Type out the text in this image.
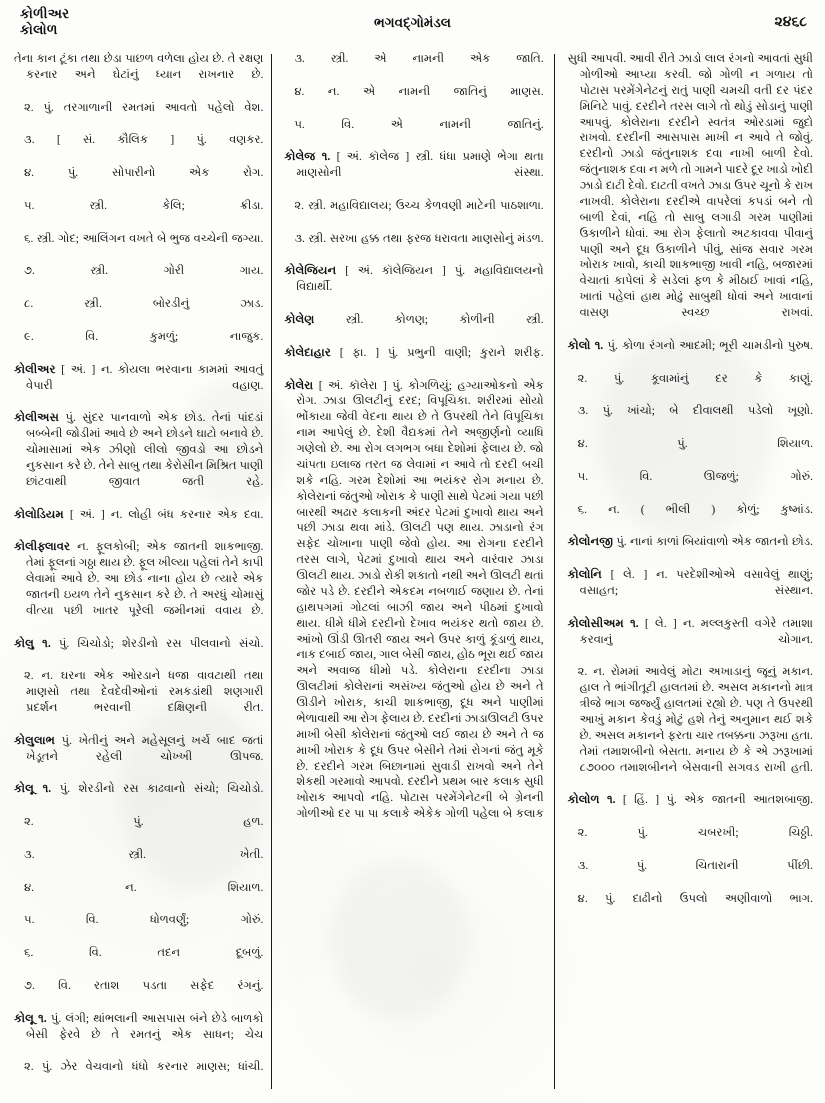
કોળીઅર
કોલોળ	ભગવદ્ગોમંડલ	૨૪૬૮
તેના કાન ટૂંકા તથા છેડા પાછળ વળેલા હોય છે. તે રક્ષણ કરનાર અને ઘેટાંનું ધ્યાન રાખનાર છે.
૨. પું. તરગાળાની રમતમાં આવતો પહેલો વેશ.
૩. [ સં. કૌલિક ] પું. વણકર.
૪. પું. સોપારીનો એક રોગ.
૫. સ્ત્રી. કેલિ; ક્રીડા.
૬. સ્ત્રી. ગોદ; આલિંગન વખતે બે ભુજ વચ્ચેની જગ્યા.
૭. સ્ત્રી. ગોરી ગાય.
૮. સ્ત્રી. બોરડીનું ઝાડ.
૯. વિ. કુમળું; નાજુક.
કોલીઅર [ અં. ] ન. કોયલા ભરવાના કામમાં આવતું વેપારી વહાણ.
કોલીઅસ પું. સુંદર પાનવાળો એક છોડ. તેનાં પાંદડાં બબ્બેની જોડીમાં આવે છે અને છોડને ઘાટો બનાવે છે. ચોમાસામાં એક ઝીણો લીલો જીવડો આ છોડને નુકસાન કરે છે. તેને સાબુ તથા કેરોસીન મિશ્રિત પાણી છાંટવાથી જીવાત જતી રહે.
કોલોડિયમ [ અં. ] ન. લોહી બંધ કરનાર એક દવા.
કોલીફ્લાવર ન. ફૂલકોબી; એક જાતની શાકભાજી. તેમાં ફૂલનાં ગઠ્ઠા થાય છે. ફૂલ ખીલ્યા પહેલાં તેને કાપી લેવામાં આવે છે. આ છોડ નાના હોય છે ત્યારે એક જાતની ઇયળ તેને નુકસાન કરે છે. તે અરધું ચોમાસું વીત્યા પછી ખાતર પૂરેલી જમીનમાં વવાય છે.
કોલુ ૧. પું. ચિચોડો; શેરડીનો રસ પીલવાનો સંચો.
૨. ન. ઘરના એક ઓરડાને ધજા વાવટાથી તથા માણસો તથા દેવદેવીઓનાં રમકડાંથી શણગારી પ્રદર્શન ભરવાની દક્ષિણની રીત.
કોલુલાભ પું. ખેતીનું અને મહેસૂલનું ખર્ચ બાદ જતાં ખેડૂતને રહેલી ચોખ્ખી ઊપજ.
કોલૂ ૧. પું. શેરડીનો રસ કાઢવાનો સંચો; ચિચોડો.
૨. પું. હળ.
૩. સ્ત્રી. ખેતી.
૪. ન. શિયાળ.
૫. વિ. ધોળવર્ણું; ગોરું.
૬. વિ. તદન દૂબળું.
૭. વિ. રતાશ પડતા સફેદ રંગનું.
કોલૂ ૧. પું. લંગી; થાંભલાની આસપાસ બંને છેડે બાળકો બેસી ફેરવે છે તે રમતનું એક સાધન; ચેચ
૨. પું. ઝેર વેચવાનો ધંધો કરનાર માણસ; ધાંચી.
૩. સ્ત્રી. એ નામની એક જાતિ.
૪. ન. એ નામની જાતિનું માણસ.
૫. વિ. એ નામની જાતિનું.
કોલેજ ૧. [ અં. કૉલેજ ] સ્ત્રી. ધંધા પ્રમાણે ભેગા થતા માણસોની સંસ્થા.
૨. સ્ત્રી. મહાવિદ્યાલય; ઉચ્ચ કેળવણી માટેની પાઠશાળા.
૩. સ્ત્રી. સરખા હક્ક તથા ફરજ ધરાવતા માણસોનું મંડળ.
કોલેજિયન [ અં. કૉલેજિયન ] પું. મહાવિદ્યાલયનો વિદ્યાર્થી.
કોલેણ	સ્ત્રી. કોળણ; કોળીની સ્ત્રી.
કોલેદાહાર [ ફા. ] પું. પ્રભુની વાણી; કુરાને શરીફ.
કોલેરા [ અં. કૉલેરા ] પું. કોગળિયું; હગ્યાઓકનો એક રોગ. ઝાડા ઊલટીનું દરદ; વિપૂચિકા. શરીરમાં સોયો ભોંકાયા જેવી વેદના થાય છે તે ઉપરથી તેને વિપૂચિકા નામ આપેલું છે. દેશી વૈદ્યકમાં તેને અજીર્ણનો વ્યાધિ ગણેલો છે. આ રોગ લગભગ બધા દેશોમાં ફેલાય છે. જો ચાંપતા ઇલાજ તરત જ લેવામાં ન આવે તો દરદી બચી શકે નહિ. ગરમ દેશોમાં આ ભયંકર રોગ મનાય છે. કોલેરાનાં જંતુઓ ખોરાક કે પાણી સાથે પેટમાં ગયા પછી બારથી અઢાર કલાકની અંદર પેટમાં દુખાવો થાય અને પછી ઝાડા થવા માંડે. ઊલટી પણ થાય. ઝાડાનો રંગ સફેદ ચોખાના પાણી જેવો હોય. આ રોગના દરદીને તરસ લાગે, પેટમાં દુખાવો થાય અને વારંવાર ઝાડા ઊલટી થાય. ઝાડો રોકી શકાતો નથી અને ઊલટી થતાં જોર પડે છે. દરદીને એકદમ નબળાઈ જણાય છે. તેનાં હાથપગમાં ગોટલાં બાઝી જાય અને પીઠમાં દુખાવો થાય. ધીમે ધીમે દરદીનો દેખાવ ભયંકર થતો જાય છે. આંખો ઊંડી ઊતરી જાય અને ઉપર કાળું કૂંડાળું થાય, નાક દબાઈ જાય, ગાલ બેસી જાય, હોઠ ભૂરા થઈ જાય અને અવાજ ધીમો પડે. કોલેરાના દરદીના ઝાડા ઊલટીમાં કોલેરાનાં અસંખ્ય જંતુઓ હોય છે અને તે ઊડીને ખોરાક, કાચી શાકભાજી, દૂધ અને પાણીમાં ભેળાવાથી આ રોગ ફેલાય છે. દરદીનાં ઝાડાઊલટી ઉપર માખી બેસી કોલેરાનાં જંતુઓ લઈ જાય છે અને તે જ માખી ખોરાક કે દૂધ ઉપર બેસીને તેમાં રોગનાં જંતુ મૂકે છે. દરદીને ગરમ બિછાનામાં સુવાડી રાખવો અને તેને શેકથી ગરમાવો આપવો. દરદીને પ્રથમ બાર કલાક સુધી ખોરાક આપવો નહિ. પોટાસ પરમેંગેનેટની બે ગ્રેનની ગોળીઓ દર પા પા કલાકે એકેક ગોળી પહેલા બે કલાક
સુધી આપવી. આવી રીતે ઝાડો લાલ રંગનો આવતાં સુધી ગોળીઓ આપ્યા કરવી. જો ગોળી ન ગળાય તો પોટાસ પરમેંગેનેટનું રાતું પાણી ચમચી વતી દર પંદર મિનિટે પાવું. દરદીને તરસ લાગે તો થોડું સોડાનું પાણી આપવું. કોલેરાના દરદીને સ્વતંત્ર ઓરડામાં જુદો રાખવો. દરદીની આસપાસ માખી ન આવે તે જોવું. દરદીનો ઝાડો જંતુનાશક દવા નાખી બાળી દેવો. જંતુનાશક દવા ન મળે તો ગામને પાદરે દૂર ખાડો ખોદી ઝાડો દાટી દેવો. દાટતી વખતે ઝાડા ઉપર ચૂનો કે રાખ નાખવી. કોલેરાના દરદીએ વાપરેલાં કપડાં બને તો બાળી દેવાં, નહિ તો સાબુ લગાડી ગરમ પાણીમાં ઉકાળીને ધોવાં. આ રોગ ફેલાતો અટકાવવા પીવાનું પાણી અને દૂધ ઉકાળીને પીવું, સાંજ સવાર ગરમ ખોરાક ખાવો, કાચી શાકભાજી ખાવી નહિ, બજારમાં વેચાતાં કાપેલાં કે સડેલાં ફળ કે મીઠાઈ ખાવાં નહિ, ખાતાં પહેલાં હાથ મોઢું સાબુથી ધોવાં અને ખાવાનાં વાસણ સ્વચ્છ રાખવાં.
કોલો ૧. પું. કોળા રંગનો આદમી; ભૂરી ચામડીનો પુરુષ.
૨. પું. કૂવામાંનું દર કે કાણું.
૩. પું. ખાંચો; બે દીવાલથી પડેલો ખૂણો.
૪. પું. શિયાળ.
૫. વિ. ઊજળું; ગોરું.
૬. ન. ( ભીલી ) કોળું; કુષ્માંડ.
કોલોનજી પું. નાનાં કાળાં બિયાંવાળો એક જાતનો છોડ.
કોલોનિ [ લે. ] ન. પરદેશીઓએ વસાવેલું થાણું; વસાહત; સંસ્થાન.
કોલોસીઅમ ૧. [ લે. ] ન. મલ્લકુસ્તી વગેરે તમાશા કરવાનું ચોગાન.
૨. ન. રોમમાં આવેલું મોટા અખાડાનું જૂનું મકાન. હાલ તે ભાંગીતૂટી હાલતમાં છે. અસલ મકાનનો માત્ર ત્રીજે ભાગ જર્જ્યું હાલતમાં રહ્યો છે. પણ તે ઉપરથી આખું મકાન કેવડું મોટું હશે તેનું અનુમાન થઈ શકે છે. અસલ મકાનને ફરતા ચાર તબક્કના ઝરૂખા હતા. તેમાં તમાશબીનો બેસતા. મનાય છે કે એ ઝરૂખામાં ૮૭૦૦૦ તમાશબીનને બેસવાની સગવડ રાખી હતી.
કોલોળ ૧. [ હિં. ] પું. એક જાતની આતશબાજી.
૨. પું. ચબરખી; ચિઠ્ઠી.
૩. પું. ચિતારાની પીંછી.
૪. પું. દાઢીનો ઉપલો અણીવાળો ભાગ.
